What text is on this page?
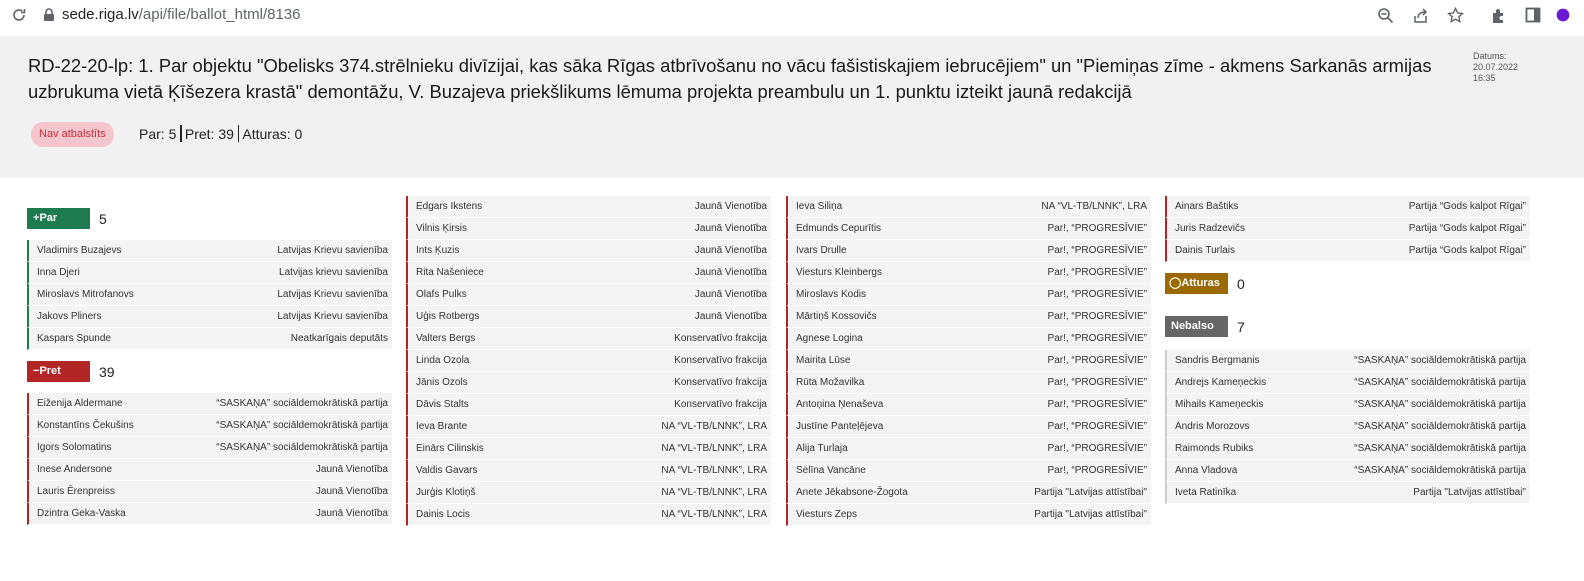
sede.riga.lv/api/file/ballot_html/8136
RD-22-20-lp: 1. Par objektu "Obelisks 374.strēlnieku divīzijai, kas sāka Rīgas atbrīvošanu no vācu fašistiskajiem iebrucējiem" un "Piemiņas zīme - akmens Sarkanās armijas uzbrukuma vietā Ķīšezera krastā" demontāžu, V. Buzajeva priekšlikums lēmuma projekta preambulu un 1. punktu izteikt jaunā redakcijā
Datums:
20.07.2022
16:35
Nav atbalstīts	Par: 5 Pret: 39 Atturas: 0
+Par	5
Vladimirs Buzajevs	Latvijas Krievu savienība
Inna Djeri	Latvijas krievu savienība
Miroslavs Mitrofanovs	Latvijas Krievu savienība
Jakovs Pliners	Latvijas Krievu savienība
Kaspars Spunde	Neatkarīgais deputāts
−Pret	39
Eiženija Aldermane	“SASKAŅA” sociāldemokrātiskā partija
Konstantīns Čekušins	“SASKAŅA” sociāldemokrātiskā partija
Igors Solomatins	“SASKAŅA” sociāldemokrātiskā partija
Inese Andersone	Jaunā Vienotība
Lauris Ērenpreiss	Jaunā Vienotība
Dzintra Geka-Vaska	Jaunā Vienotība
Edgars Ikstens	Jaunā Vienotība
Vilnis Ķirsis	Jaunā Vienotība
Ints Ķuzis	Jaunā Vienotība
Rita Našeniece	Jaunā Vienotība
Olafs Pulks	Jaunā Vienotība
Uģis Rotbergs	Jaunā Vienotība
Valters Bergs	Konservatīvo frakcija
Linda Ozola	Konservatīvo frakcija
Jānis Ozols	Konservatīvo frakcija
Dāvis Stalts	Konservatīvo frakcija
Ieva Brante	NA “VL-TB/LNNK”, LRA
Einārs Cilinskis	NA “VL-TB/LNNK”, LRA
Valdis Gavars	NA “VL-TB/LNNK”, LRA
Jurģis Klotiņš	NA “VL-TB/LNNK”, LRA
Dainis Locis	NA “VL-TB/LNNK”, LRA
Ieva Siliņa	NA “VL-TB/LNNK”, LRA
Edmunds Cepurītis	Par!, “PROGRESĪVIE”
Ivars Drulle	Par!, “PROGRESĪVIE”
Viesturs Kleinbergs	Par!, “PROGRESĪVIE”
Miroslavs Kodis	Par!, “PROGRESĪVIE”
Mārtiņš Kossovičs	Par!, “PROGRESĪVIE”
Agnese Logina	Par!, “PROGRESĪVIE”
Mairita Lūse	Par!, “PROGRESĪVIE”
Rūta Možavilka	Par!, “PROGRESĪVIE”
Antoņina Ņenaševa	Par!, “PROGRESĪVIE”
Justīne Panteļējeva	Par!, “PROGRESĪVIE”
Alija Turlaja	Par!, “PROGRESĪVIE”
Selīna Vancāne	Par!, “PROGRESĪVIE”
Anete Jēkabsone-Žogota	Partija "Latvijas attīstībai"
Viesturs Zeps	Partija "Latvijas attīstībai"
Ainars Baštiks	Partija “Gods kalpot Rīgai”
Juris Radzevičs	Partija “Gods kalpot Rīgai”
Dainis Turlais	Partija “Gods kalpot Rīgai”
◯Atturas	0
Nebalso	7
Sandris Bergmanis	“SASKAŅA” sociāldemokrātiskā partija
Andrejs Kameņeckis	“SASKAŅA” sociāldemokrātiskā partija
Mihails Kameņeckis	“SASKAŅA” sociāldemokrātiskā partija
Andris Morozovs	“SASKAŅA” sociāldemokrātiskā partija
Raimonds Rubiks	“SASKAŅA” sociāldemokrātiskā partija
Anna Vladova	“SASKAŅA” sociāldemokrātiskā partija
Iveta Ratinīka	Partija "Latvijas attīstībai"
